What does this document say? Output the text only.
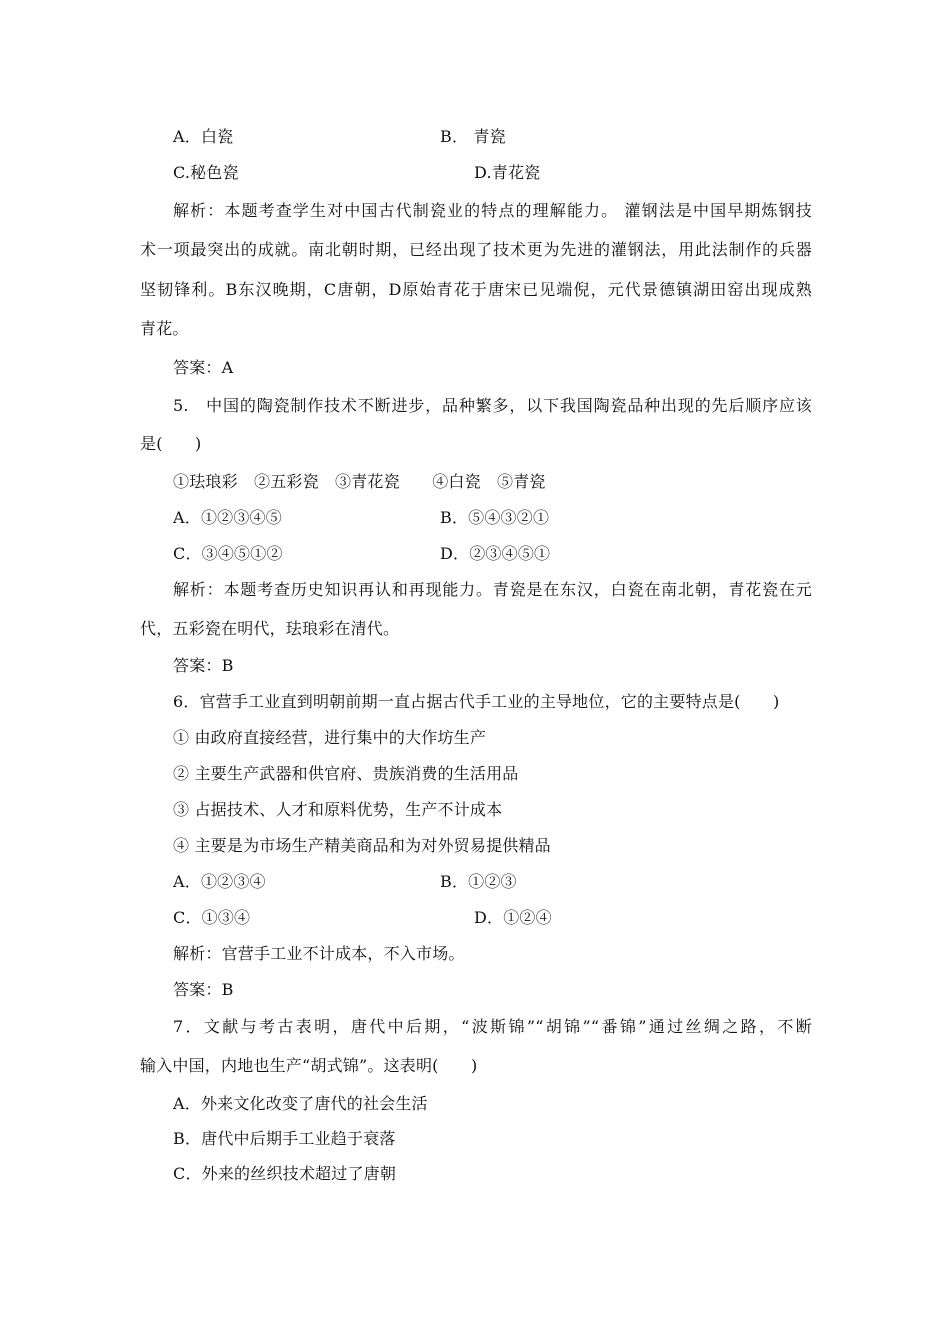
A．白瓷	B． 青瓷
C.秘色瓷	D.青花瓷
解析：本题考查学生对中国古代制瓷业的特点的理解能力。 灌钢法是中国早期炼钢技
术一项最突出的成就。南北朝时期，已经出现了技术更为先进的灌钢法，用此法制作的兵器
坚韧锋利。B东汉晚期，C唐朝，D原始青花于唐宋已见端倪，元代景德镇湖田窑出现成熟
青花。
答案：A
5.　中国的陶瓷制作技术不断进步，品种繁多，以下我国陶瓷品种出现的先后顺序应该
是(　　)
①珐琅彩　②五彩瓷　③青花瓷　　④白瓷　⑤青瓷
A．①②③④⑤	B．⑤④③②①
C．③④⑤①②	D．②③④⑤①
解析：本题考查历史知识再认和再现能力。青瓷是在东汉，白瓷在南北朝，青花瓷在元
代，五彩瓷在明代，珐琅彩在清代。
答案：B
6．官营手工业直到明朝前期一直占据古代手工业的主导地位，它的主要特点是(　　)
① 由政府直接经营，进行集中的大作坊生产
② 主要生产武器和供官府、贵族消费的生活用品
③ 占据技术、人才和原料优势，生产不计成本
④ 主要是为市场生产精美商品和为对外贸易提供精品
A．①②③④	B．①②③
C．①③④	D．①②④
解析：官营手工业不计成本，不入市场。
答案：B
7．文献与考古表明，唐代中后期，“波斯锦”“胡锦”“番锦”通过丝绸之路，不断
输入中国，内地也生产“胡式锦”。这表明(　　)
A．外来文化改变了唐代的社会生活
B．唐代中后期手工业趋于衰落
C．外来的丝织技术超过了唐朝
